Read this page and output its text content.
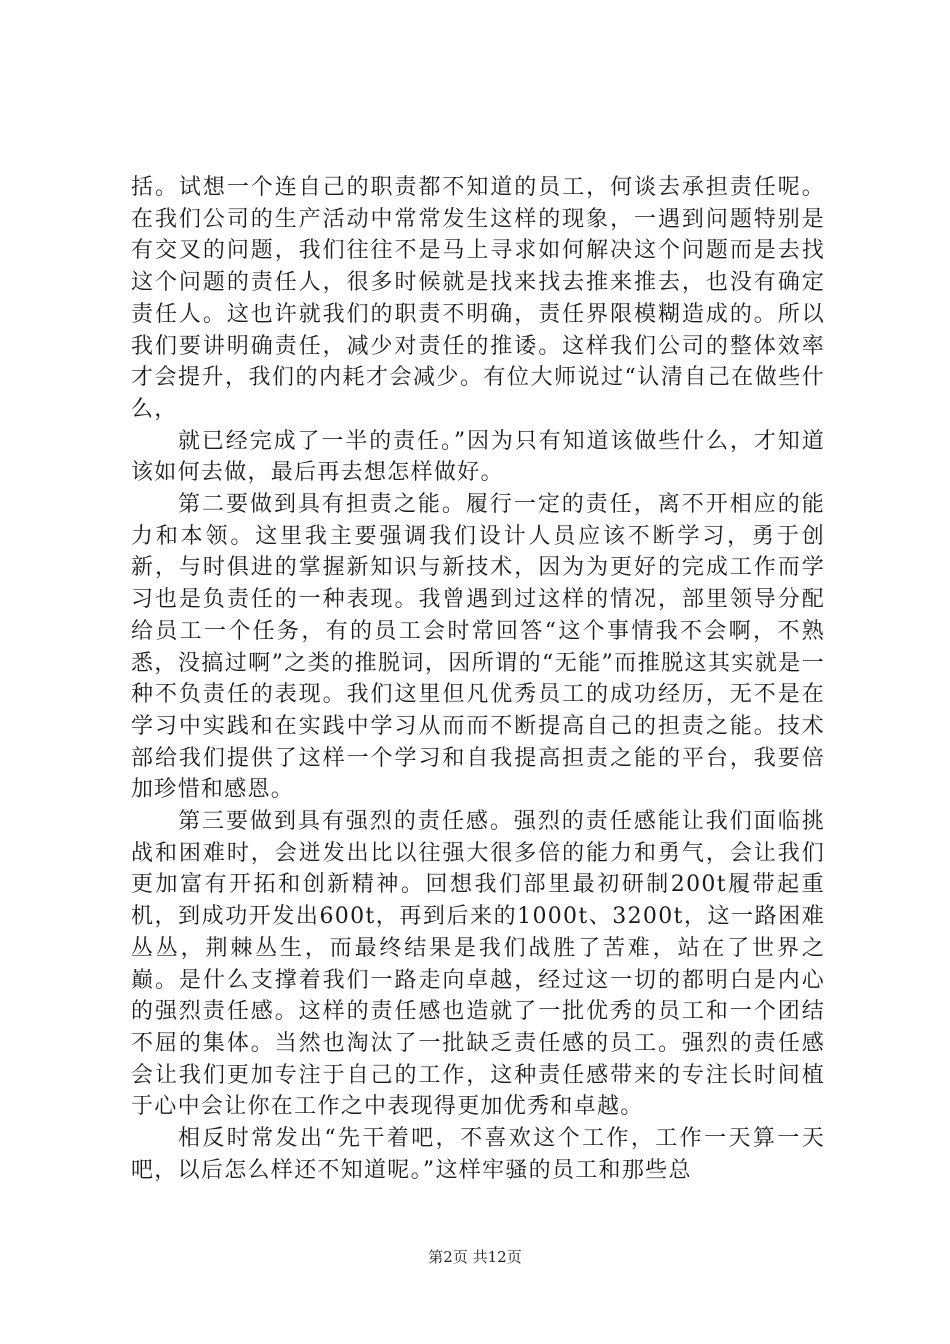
括。试想一个连自己的职责都不知道的员工，何谈去承担责任呢。在我们公司的生产活动中常常发生这样的现象，一遇到问题特别是有交叉的问题，我们往往不是马上寻求如何解决这个问题而是去找这个问题的责任人，很多时候就是找来找去推来推去，也没有确定责任人。这也许就我们的职责不明确，责任界限模糊造成的。所以我们要讲明确责任，减少对责任的推诿。这样我们公司的整体效率才会提升，我们的内耗才会减少。有位大师说过“认清自己在做些什么，

就已经完成了一半的责任。”因为只有知道该做些什么，才知道该如何去做，最后再去想怎样做好。

第二要做到具有担责之能。履行一定的责任，离不开相应的能力和本领。这里我主要强调我们设计人员应该不断学习，勇于创新，与时俱进的掌握新知识与新技术，因为为更好的完成工作而学习也是负责任的一种表现。我曾遇到过这样的情况，部里领导分配给员工一个任务，有的员工会时常回答“这个事情我不会啊，不熟悉，没搞过啊”之类的推脱词，因所谓的“无能”而推脱这其实就是一种不负责任的表现。我们这里但凡优秀员工的成功经历，无不是在学习中实践和在实践中学习从而而不断提高自己的担责之能。技术部给我们提供了这样一个学习和自我提高担责之能的平台，我要倍加珍惜和感恩。

第三要做到具有强烈的责任感。强烈的责任感能让我们面临挑战和困难时，会迸发出比以往强大很多倍的能力和勇气，会让我们更加富有开拓和创新精神。回想我们部里最初研制200t履带起重机，到成功开发出600t，再到后来的1000t、3200t，这一路困难丛丛，荆棘丛生，而最终结果是我们战胜了苦难，站在了世界之巅。是什么支撑着我们一路走向卓越，经过这一切的都明白是内心的强烈责任感。这样的责任感也造就了一批优秀的员工和一个团结不屈的集体。当然也淘汰了一批缺乏责任感的员工。强烈的责任感会让我们更加专注于自己的工作，这种责任感带来的专注长时间植于心中会让你在工作之中表现得更加优秀和卓越。

相反时常发出“先干着吧，不喜欢这个工作，工作一天算一天吧，以后怎么样还不知道呢。”这样牢骚的员工和那些总

第2页 共12页
